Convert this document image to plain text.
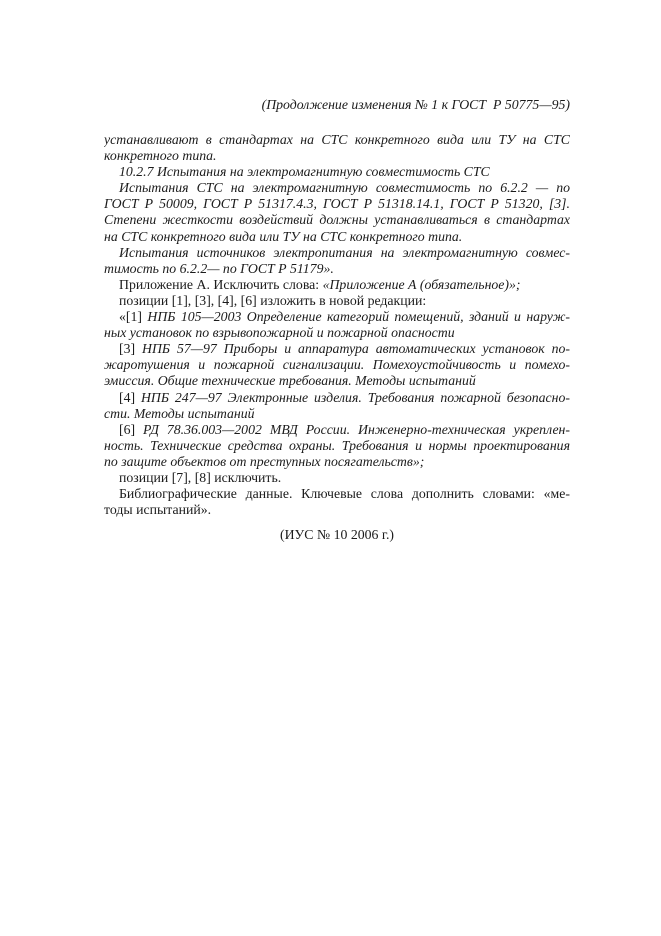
(Продолжение изменения № 1 к ГОСТ  Р 50775—95)
устанавливают в стандартах на СТС конкретного вида или ТУ на СТС
конкретного типа.
10.2.7 Испытания на электромагнитную совместимость СТС
Испытания СТС на электромагнитную совместимость по 6.2.2 — по
ГОСТ Р 50009, ГОСТ Р 51317.4.3, ГОСТ Р 51318.14.1, ГОСТ Р 51320, [3].
Степени жесткости воздействий должны устанавливаться в стандартах
на СТС конкретного вида или ТУ на СТС конкретного типа.
Испытания источников электропитания на электромагнитную совмес-
тимость по 6.2.2— по ГОСТ Р 51179».
Приложение А. Исключить слова: «Приложение А (обязательное)»;
позиции [1], [3], [4], [6] изложить в новой редакции:
«[1] НПБ 105—2003 Определение категорий помещений, зданий и наруж-
ных установок по взрывопожарной и пожарной опасности
[3] НПБ 57—97 Приборы и аппаратура автоматических установок по-
жаротушения и пожарной сигнализации. Помехоустойчивость и помехо-
эмиссия. Общие технические требования. Методы испытаний
[4] НПБ 247—97 Электронные изделия. Требования пожарной безопасно-
сти. Методы испытаний
[6] РД 78.36.003—2002 МВД России. Инженерно-техническая укреплен-
ность. Технические средства охраны. Требования и нормы проектирования
по защите объектов от преступных посягательств»;
позиции [7], [8] исключить.
Библиографические данные. Ключевые слова дополнить словами: «ме-
тоды испытаний».
(ИУС № 10 2006 г.)
